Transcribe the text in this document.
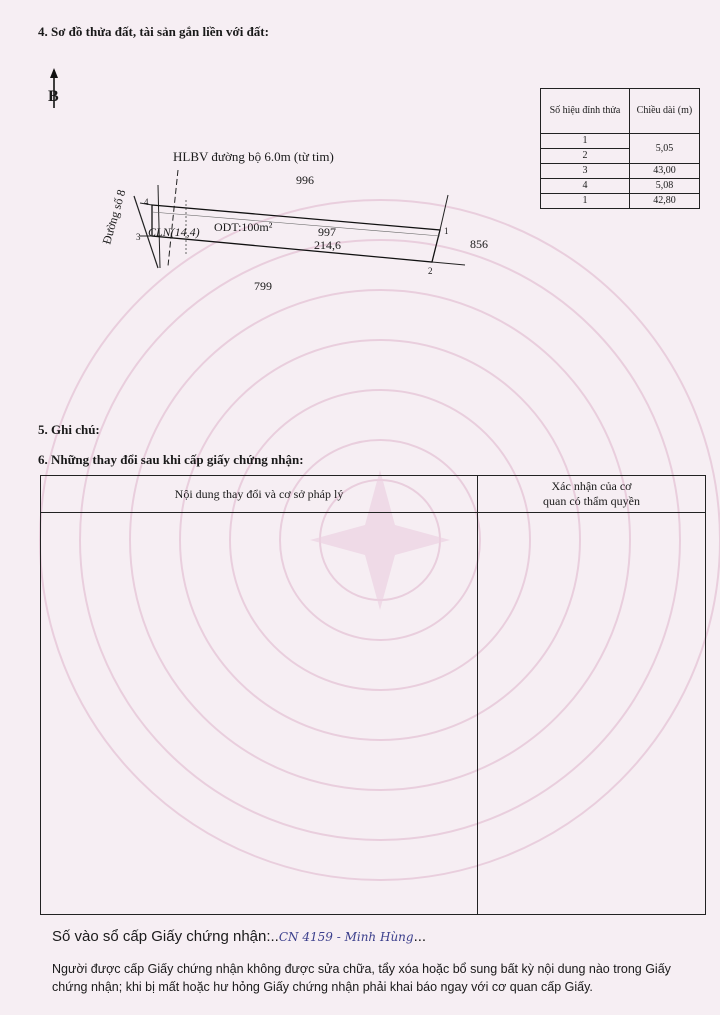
4. Sơ đồ thửa đất, tài sản gắn liền với đất:
B
HLBV đường bộ 6.0m (từ tim)
996
Đường số 8	ODT:100m²
CLN(14,4)	997
214,6	856
799
1
2
3
4
Số hiệu đỉnh thửa	Chiều dài (m)
1	5,05
2	
3	43,00
4	5,08
1	42,80
5. Ghi chú:
6. Những thay đổi sau khi cấp giấy chứng nhận:
Nội dung thay đổi và cơ sở pháp lý	Xác nhận của cơ
quan có thẩm quyền

Số vào sổ cấp Giấy chứng nhận:..CN 4159 - Minh Hùng...
Người được cấp Giấy chứng nhận không được sửa chữa, tẩy xóa hoặc bổ sung bất kỳ nội dung nào trong Giấy chứng nhận; khi bị mất hoặc hư hỏng Giấy chứng nhận phải khai báo ngay với cơ quan cấp Giấy.
